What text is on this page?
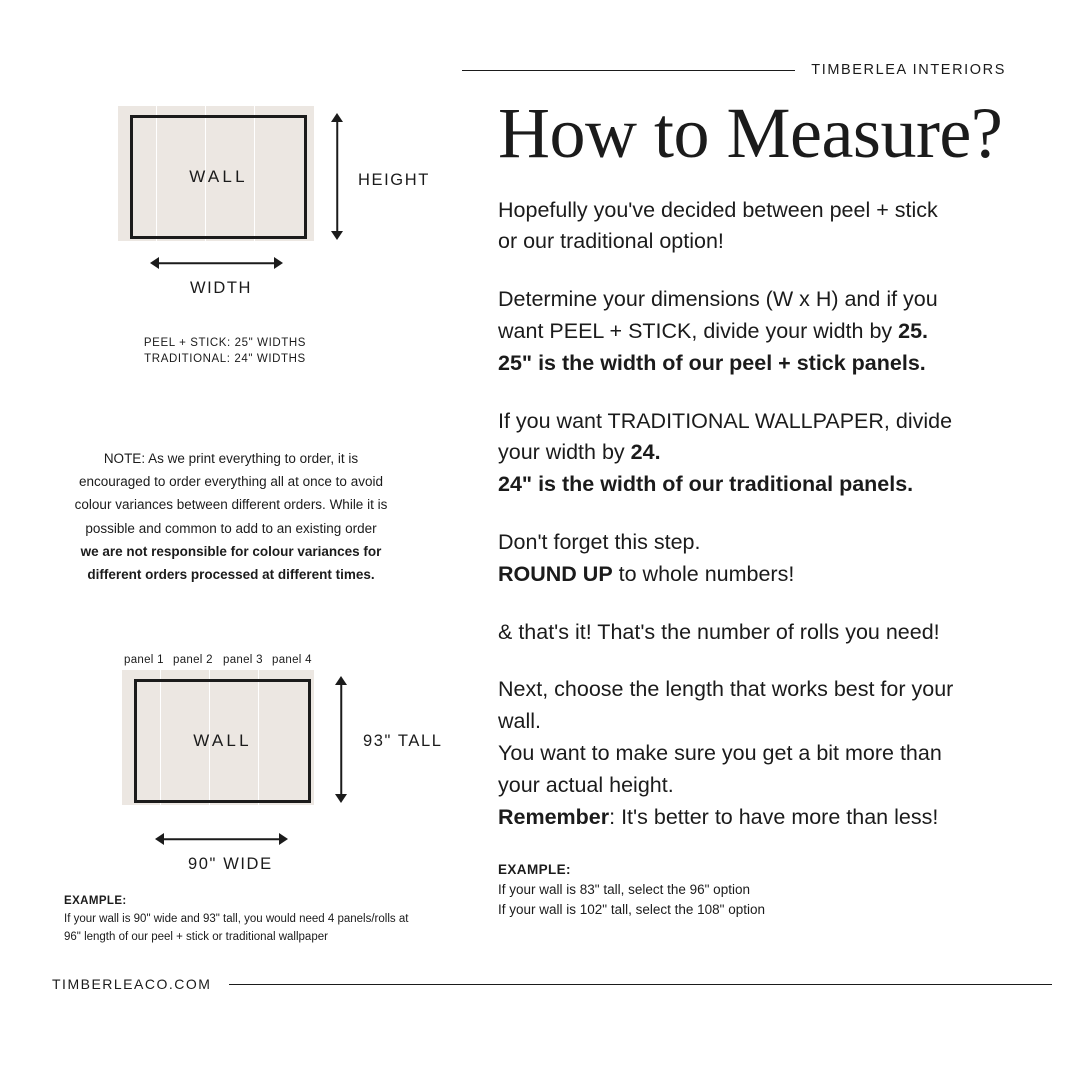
TIMBERLEA INTERIORS
WALL	HEIGHT
WIDTH
PEEL + STICK: 25" WIDTHS
TRADITIONAL: 24" WIDTHS
NOTE: As we print everything to order, it is
encouraged to order everything all at once to avoid
colour variances between different orders. While it is
possible and common to add to an existing order
we are not responsible for colour variances for
different orders processed at different times.
panel 1 panel 2 panel 3 panel 4
WALL	93" TALL
90" WIDE
EXAMPLE:
If your wall is 90" wide and 93" tall, you would need 4 panels/rolls at
96" length of our peel + stick or traditional wallpaper
How to Measure?

Hopefully you've decided between peel + stick

or our traditional option!

Determine your dimensions (W x H) and if you

want PEEL + STICK, divide your width by 25.

25" is the width of our peel + stick panels.

If you want TRADITIONAL WALLPAPER, divide

your width by 24.

24" is the width of our traditional panels.

Don't forget this step.

ROUND UP to whole numbers!

& that's it! That's the number of rolls you need!

Next, choose the length that works best for your

wall.

You want to make sure you get a bit more than

your actual height.

Remember: It's better to have more than less!

EXAMPLE:
If your wall is 83" tall, select the 96" option
If your wall is 102" tall, select the 108" option
TIMBERLEACO.COM
